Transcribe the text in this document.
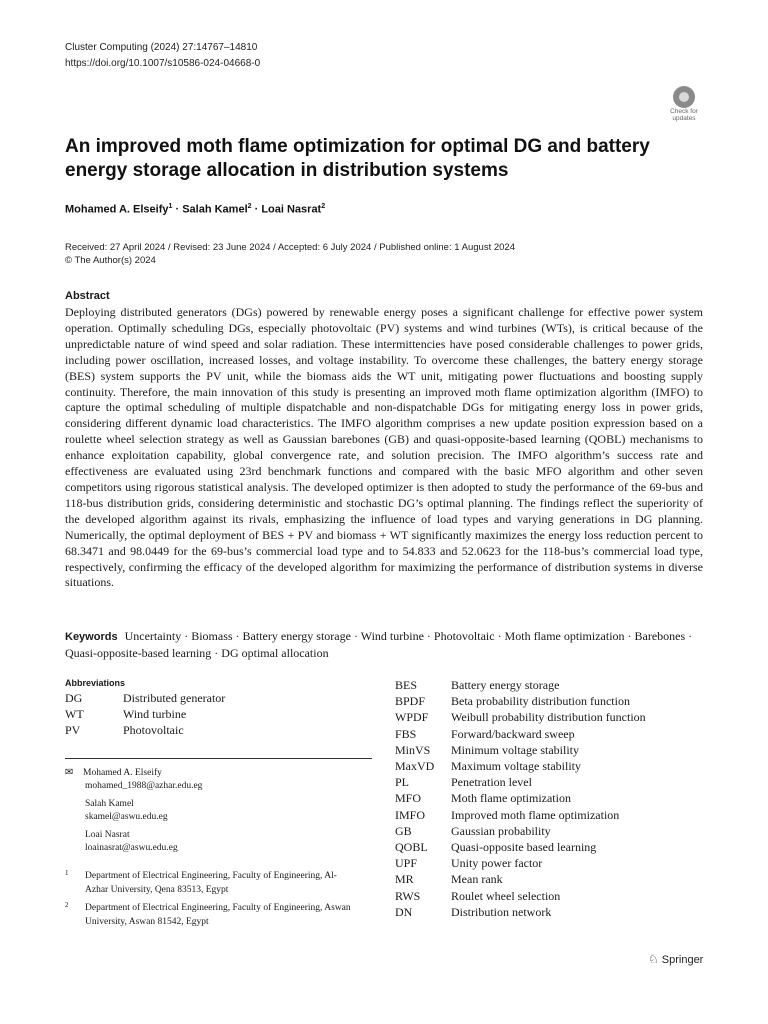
Cluster Computing (2024) 27:14767–14810
https://doi.org/10.1007/s10586-024-04668-0
Check for updates
An improved moth flame optimization for optimal DG and battery energy storage allocation in distribution systems
Mohamed A. Elseify$^1$ · Salah Kamel$^2$ · Loai Nasrat$^2$
Received: 27 April 2024 / Revised: 23 June 2024 / Accepted: 6 July 2024 / Published online: 1 August 2024
© The Author(s) 2024
Abstract

Deploying distributed generators (DGs) powered by renewable energy poses a significant challenge for effective power system operation. Optimally scheduling DGs, especially photovoltaic (PV) systems and wind turbines (WTs), is critical because of the unpredictable nature of wind speed and solar radiation. These intermittencies have posed considerable challenges to power grids, including power oscillation, increased losses, and voltage instability. To overcome these challenges, the battery energy storage (BES) system supports the PV unit, while the biomass aids the WT unit, mitigating power fluctuations and boosting supply continuity. Therefore, the main innovation of this study is presenting an improved moth flame optimization algorithm (IMFO) to capture the optimal scheduling of multiple dispatchable and non-dispatchable DGs for mitigating energy loss in power grids, considering different dynamic load characteristics. The IMFO algorithm comprises a new update position expression based on a roulette wheel selection strategy as well as Gaussian barebones (GB) and quasi-opposite-based learning (QOBL) mechanisms to enhance exploitation capability, global convergence rate, and solution precision. The IMFO algorithm’s success rate and effectiveness are evaluated using 23rd benchmark functions and compared with the basic MFO algorithm and other seven competitors using rigorous statistical analysis. The developed optimizer is then adopted to study the performance of the 69-bus and 118-bus distribution grids, considering deterministic and stochastic DG’s optimal planning. The findings reflect the superiority of the developed algorithm against its rivals, emphasizing the influence of load types and varying generations in DG planning. Numerically, the optimal deployment of BES + PV and biomass + WT significantly maximizes the energy loss reduction percent to 68.3471 and 98.0449 for the 69-bus’s commercial load type and to 54.833 and 52.0623 for the 118-bus’s commercial load type, respectively, confirming the efficacy of the developed algorithm for maximizing the performance of distribution systems in diverse situations.

Keywords Uncertainty · Biomass · Battery energy storage · Wind turbine · Photovoltaic · Moth flame optimization · Barebones · Quasi-opposite-based learning · DG optimal allocation
Abbreviations
DG	Distributed generator
WT	Wind turbine
PV	Photovoltaic
BES	Battery energy storage
BPDF	Beta probability distribution function
WPDF	Weibull probability distribution function
FBS	Forward/backward sweep
MinVS	Minimum voltage stability
MaxVD	Maximum voltage stability
PL	Penetration level
MFO	Moth flame optimization
IMFO	Improved moth flame optimization
GB	Gaussian probability
QOBL	Quasi-opposite based learning
UPF	Unity power factor
MR	Mean rank
RWS	Roulet wheel selection
DN	Distribution network
✉ Mohamed A. Elseify
mohamed_1988@azhar.edu.eg
Salah Kamel
skamel@aswu.edu.eg
Loai Nasrat
loainasrat@aswu.edu.eg
1	Department of Electrical Engineering, Faculty of Engineering, Al-Azhar University, Qena 83513, Egypt
2	Department of Electrical Engineering, Faculty of Engineering, Aswan University, Aswan 81542, Egypt
♘ Springer
